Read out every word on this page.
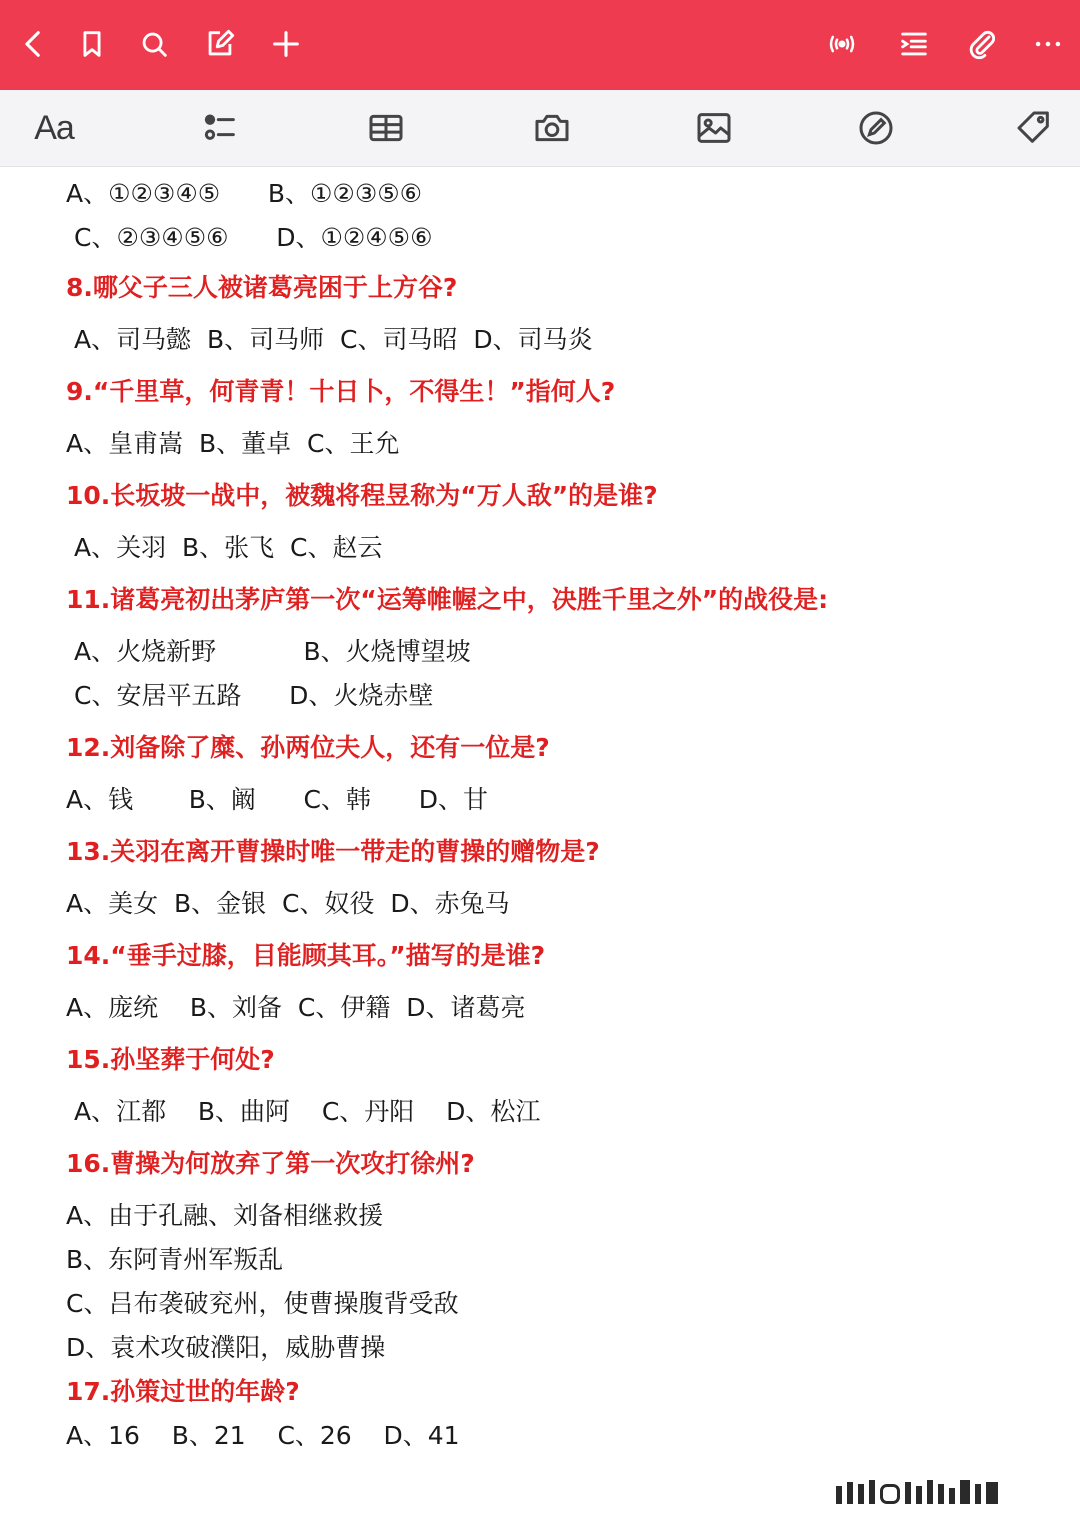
Aa
A、①②③④⑤      B、①②③⑤⑥
C、②③④⑤⑥      D、①②④⑤⑥
8.哪父子三人被诸葛亮困于上方谷?
A、司马懿  B、司马师  C、司马昭  D、司马炎
9.“千里草，何青青！十日卜，不得生！”指何人?
A、皇甫嵩  B、董卓  C、王允
10.长坂坡一战中，被魏将程昱称为“万人敌”的是谁?
A、关羽  B、张飞  C、赵云
11.诸葛亮初出茅庐第一次“运筹帷幄之中，决胜千里之外”的战役是:
A、火烧新野           B、火烧博望坡
C、安居平五路      D、火烧赤壁
12.刘备除了糜、孙两位夫人，还有一位是?
A、钱       B、阚      C、韩      D、甘
13.关羽在离开曹操时唯一带走的曹操的赠物是?
A、美女  B、金银  C、奴役  D、赤兔马
14.“垂手过膝，目能顾其耳。”描写的是谁?
A、庞统    B、刘备  C、伊籍  D、诸葛亮
15.孙坚葬于何处?
A、江都    B、曲阿    C、丹阳    D、松江
16.曹操为何放弃了第一次攻打徐州?
A、由于孔融、刘备相继救援
B、东阿青州军叛乱
C、吕布袭破兖州，使曹操腹背受敌
D、袁术攻破濮阳，威胁曹操
17.孙策过世的年龄?
A、16    B、21    C、26    D、41
